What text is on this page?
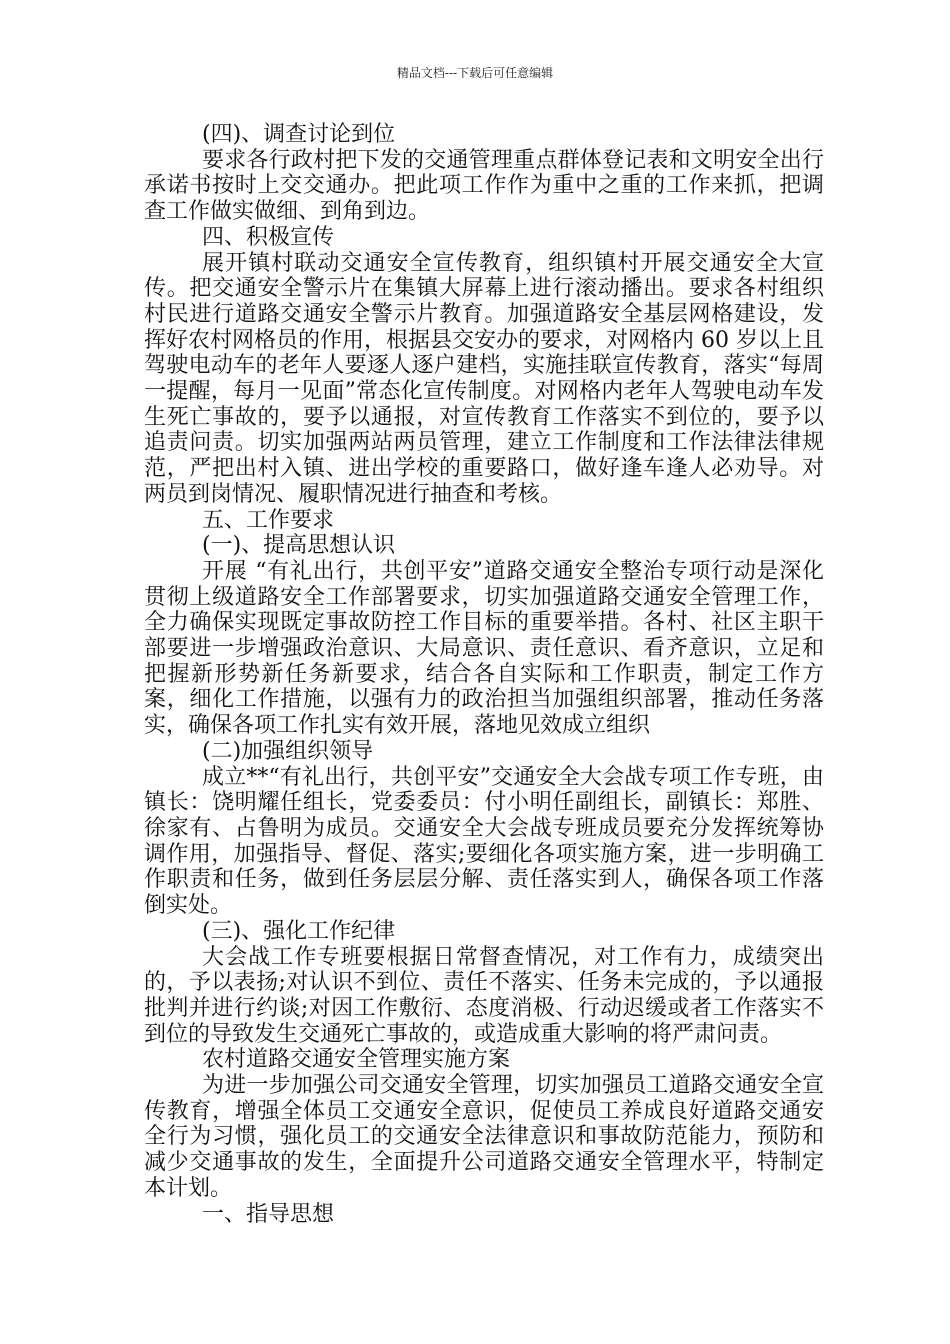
精品文档---下载后可任意编辑

(四)、调查讨论到位

要求各行政村把下发的交通管理重点群体登记表和文明安全出行承诺书按时上交交通办。把此项工作作为重中之重的工作来抓，把调查工作做实做细、到角到边。

四、积极宣传

展开镇村联动交通安全宣传教育，组织镇村开展交通安全大宣传。把交通安全警示片在集镇大屏幕上进行滚动播出。要求各村组织村民进行道路交通安全警示片教育。加强道路安全基层网格建设，发挥好农村网格员的作用，根据县交安办的要求，对网格内 60 岁以上且驾驶电动车的老年人要逐人逐户建档，实施挂联宣传教育，落实“每周一提醒，每月一见面”常态化宣传制度。对网格内老年人驾驶电动车发生死亡事故的，要予以通报，对宣传教育工作落实不到位的，要予以追责问责。切实加强两站两员管理，建立工作制度和工作法律法律规范，严把出村入镇、进出学校的重要路口，做好逢车逢人必劝导。对两员到岗情况、履职情况进行抽查和考核。

五、工作要求

(一)、提高思想认识

开展 “有礼出行，共创平安”道路交通安全整治专项行动是深化贯彻上级道路安全工作部署要求，切实加强道路交通安全管理工作，全力确保实现既定事故防控工作目标的重要举措。各村、社区主职干部要进一步增强政治意识、大局意识、责任意识、看齐意识，立足和把握新形势新任务新要求，结合各自实际和工作职责，制定工作方案，细化工作措施，以强有力的政治担当加强组织部署，推动任务落实，确保各项工作扎实有效开展，落地见效成立组织

(二)加强组织领导

成立**“有礼出行，共创平安”交通安全大会战专项工作专班，由镇长：饶明耀任组长，党委委员：付小明任副组长，副镇长：郑胜、徐家有、占鲁明为成员。交通安全大会战专班成员要充分发挥统筹协调作用，加强指导、督促、落实;要细化各项实施方案，进一步明确工作职责和任务，做到任务层层分解、责任落实到人，确保各项工作落倒实处。

(三)、强化工作纪律

大会战工作专班要根据日常督查情况，对工作有力，成绩突出的，予以表扬;对认识不到位、责任不落实、任务未完成的，予以通报批判并进行约谈;对因工作敷衍、态度消极、行动迟缓或者工作落实不到位的导致发生交通死亡事故的，或造成重大影响的将严肃问责。

农村道路交通安全管理实施方案

为进一步加强公司交通安全管理，切实加强员工道路交通安全宣传教育，增强全体员工交通安全意识，促使员工养成良好道路交通安全行为习惯，强化员工的交通安全法律意识和事故防范能力，预防和减少交通事故的发生，全面提升公司道路交通安全管理水平，特制定本计划。

一、指导思想
